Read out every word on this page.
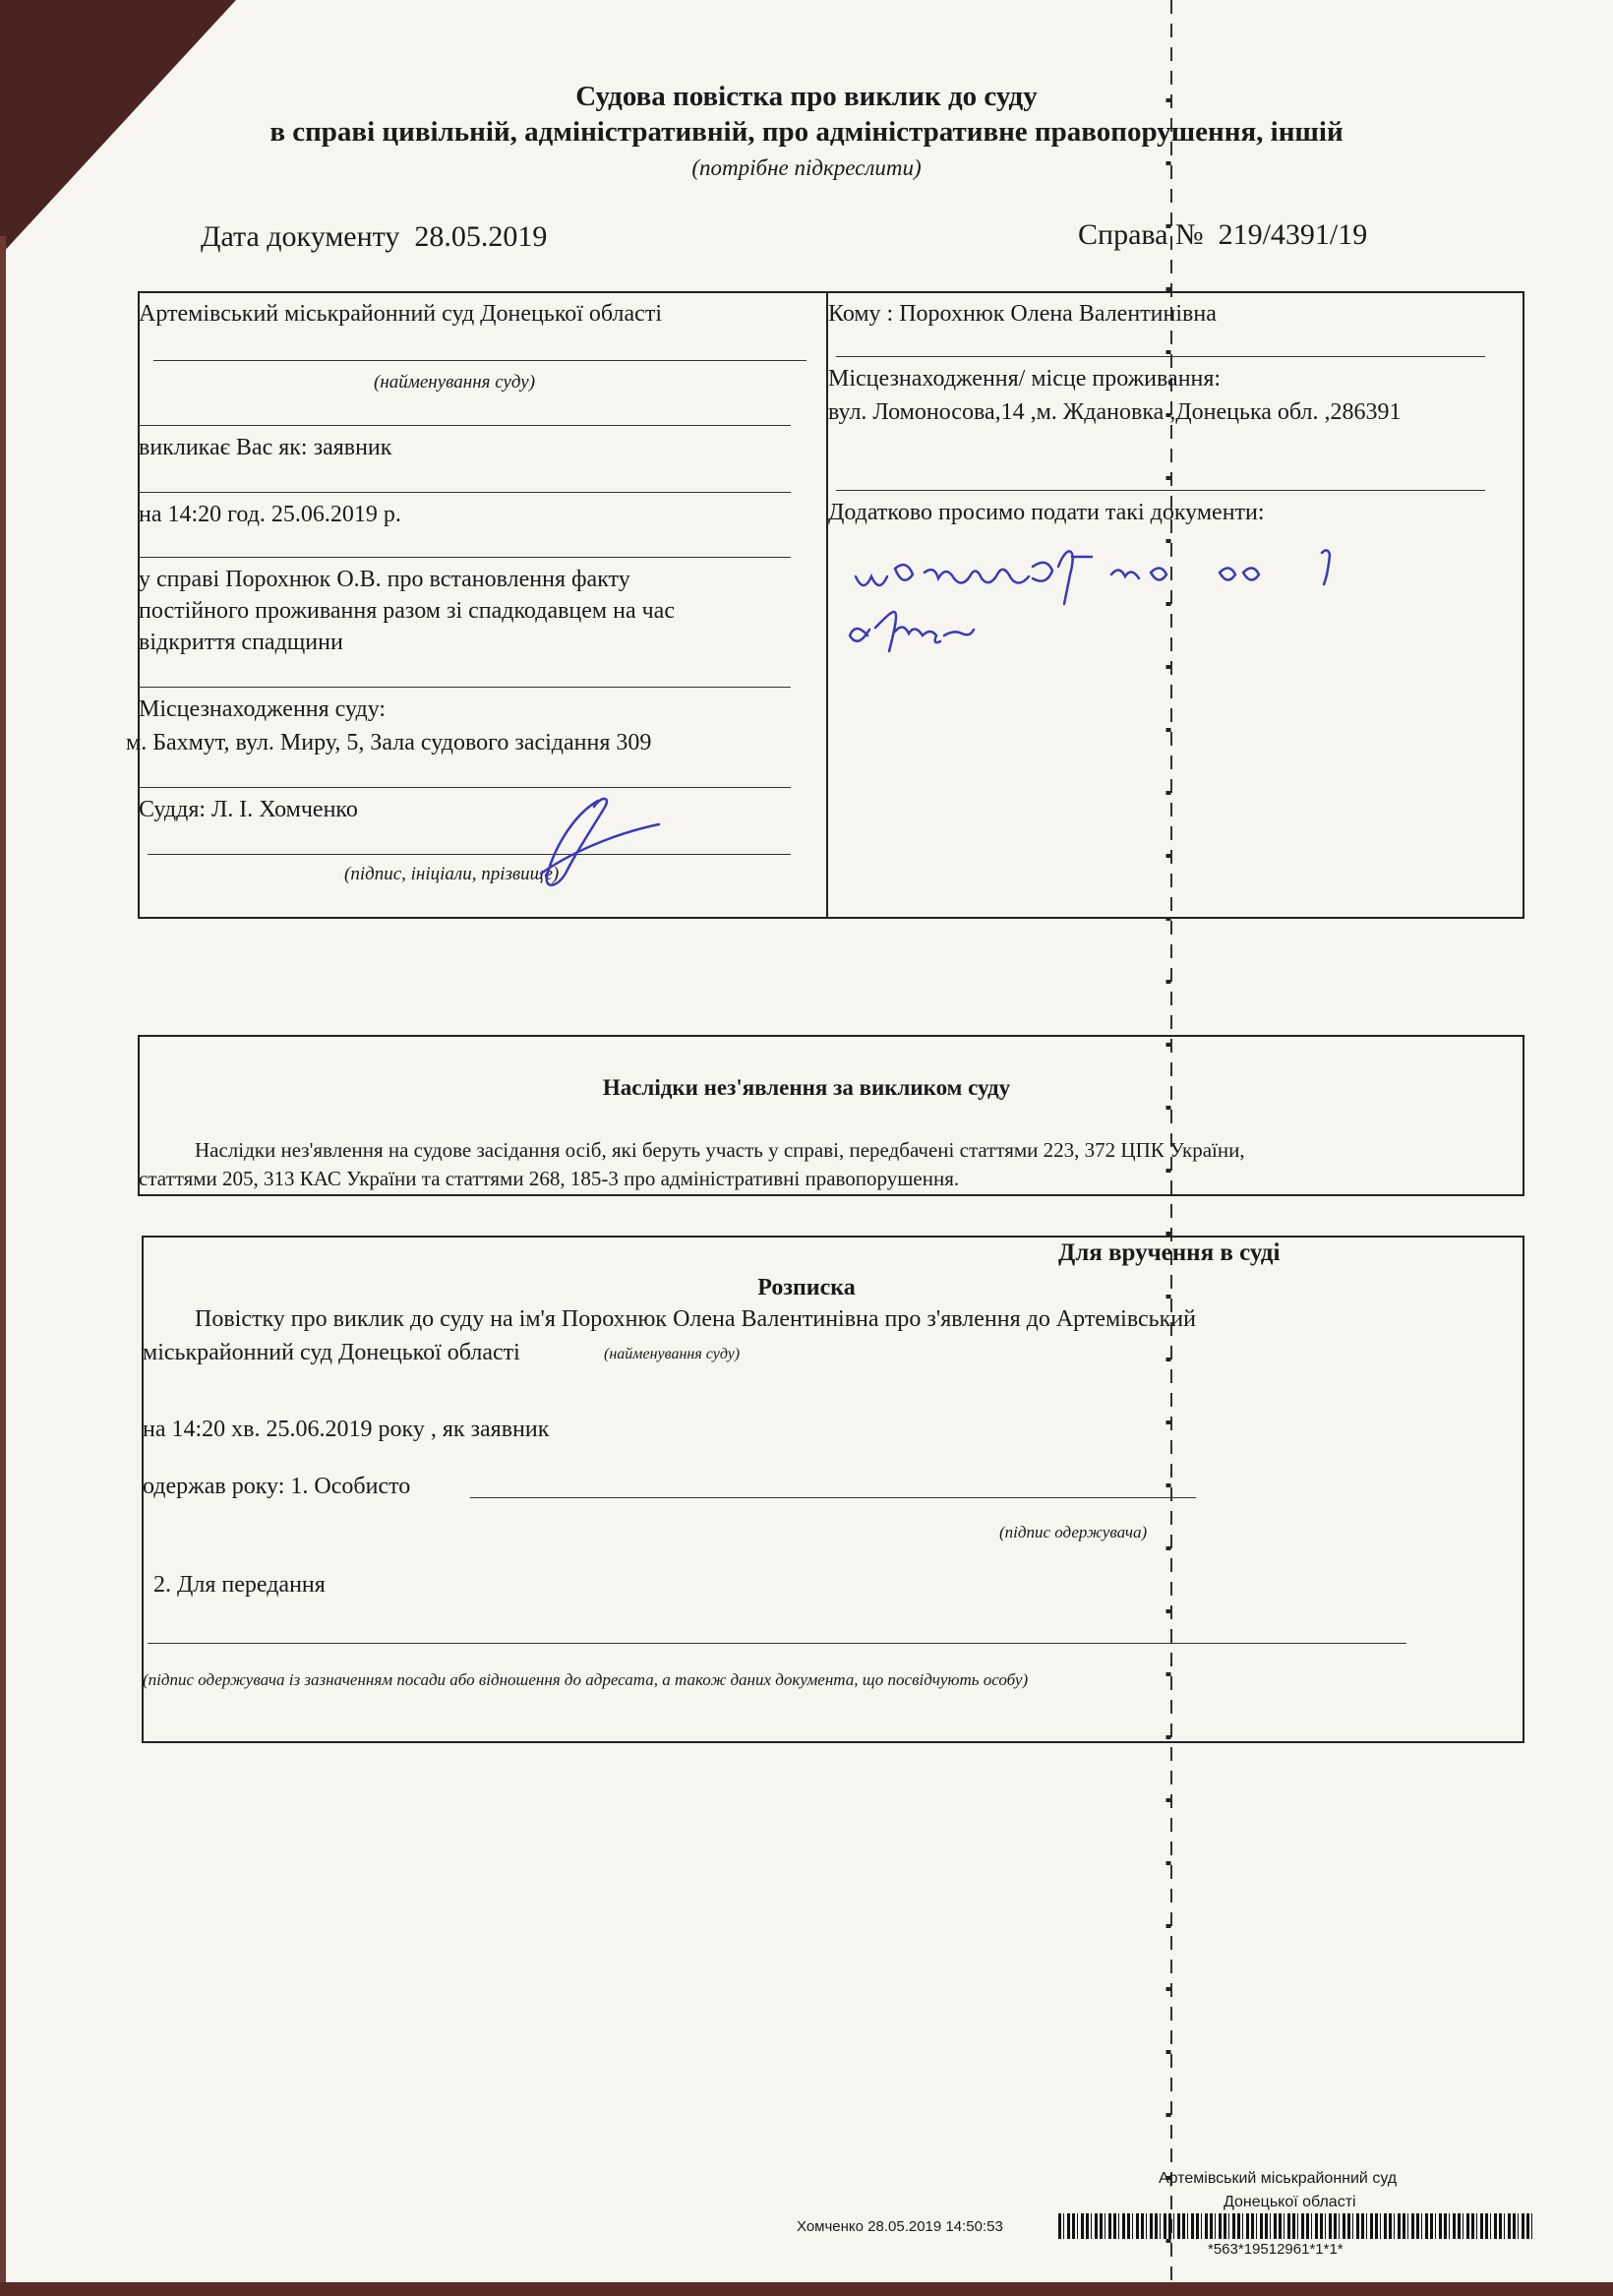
Судова повістка про виклик до суду
в справі цивільній, адміністративній, про адміністративне правопорушення, іншій
(потрібне підкреслити)
Дата документу 28.05.2019	Справа № 219/4391/19
Артемівський міськрайонний суд Донецької області
(найменування суду)
викликає Вас як: заявник
на 14:20 год. 25.06.2019 р.
у справі Порохнюк О.В. про встановлення факту
постійного проживання разом зі спадкодавцем на час
відкриття спадщини
Місцезнаходження суду:
м. Бахмут, вул. Миру, 5, Зала судового засідання 309
Суддя: Л. І. Хомченко
(підпис, ініціали, прізвище)
Кому : Порохнюк Олена Валентинівна
Місцезнаходження/ місце проживання:
вул. Ломоносова,14 ,м. Ждановка ,Донецька обл. ,286391
Додатково просимо подати такі документи:
Наслідки нез'явлення за викликом суду
Наслідки нез'явлення на судове засідання осіб, які беруть участь у справі, передбачені статтями 223, 372 ЦПК України,
статтями 205, 313 КАС України та статтями 268, 185-3 про адміністративні правопорушення.
Для вручення в суді
Розписка
Повістку про виклик до суду на ім'я Порохнюк Олена Валентинівна про з'явлення до Артемівський
міськрайонний суд Донецької області	(найменування суду)
на 14:20 хв. 25.06.2019 року , як заявник
одержав року: 1. Особисто
(підпис одержувача)
2. Для передання
(підпис одержувача із зазначенням посади або відношення до адресата, а також даних документа, що посвідчують особу)
Артемівський міськрайонний суд
Донецької області
Хомченко 28.05.2019 14:50:53
*563*19512961*1*1*
